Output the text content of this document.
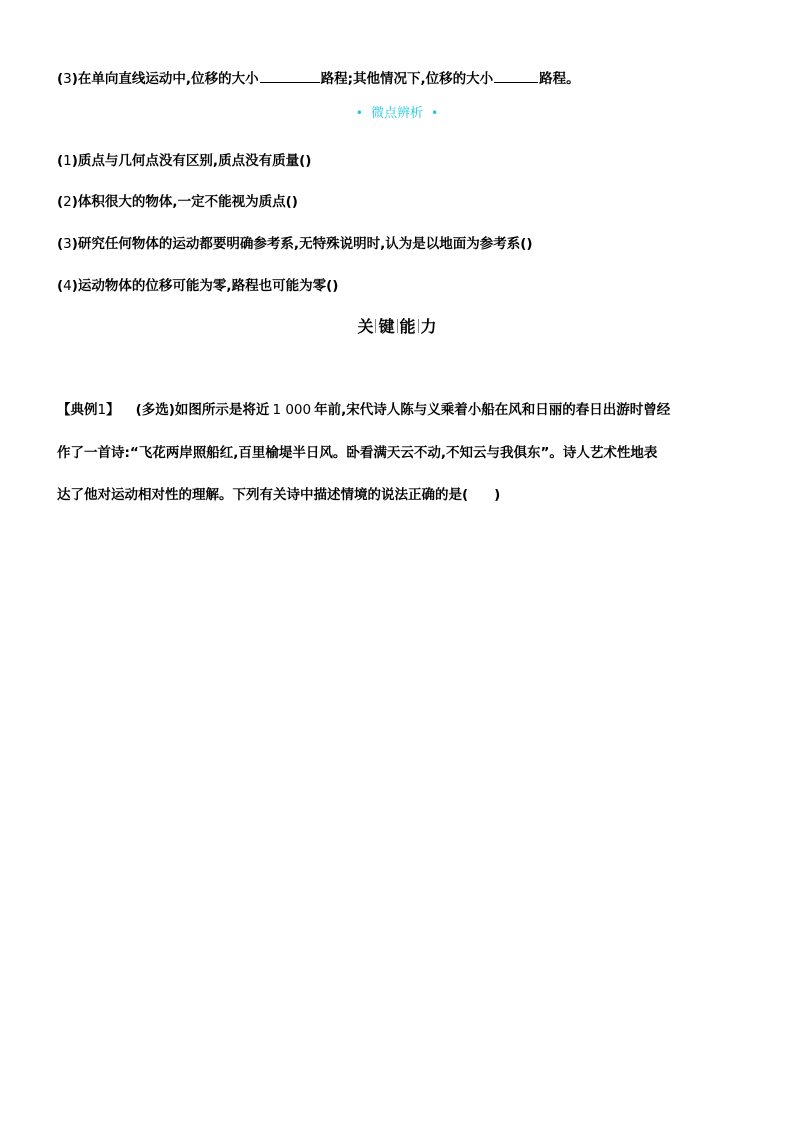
(3)在单向直线运动中,位移的大小	路程;其他情况下,位移的大小	路程。
• 微点辨析 •
(1)质点与几何点没有区别,质点没有质量()
(2)体积很大的物体,一定不能视为质点()
(3)研究任何物体的运动都要明确参考系,无特殊说明时,认为是以地面为参考系()
(4)运动物体的位移可能为零,路程也可能为零()
关 键 能 力
【典例1】 (多选)如图所示是将近 1 000 年前,宋代诗人陈与义乘着小船在风和日丽的春日出游时曾经
作了一首诗:“飞花两岸照船红,百里榆堤半日风。卧看满天云不动,不知云与我俱东”。诗人艺术性地表
达了他对运动相对性的理解。下列有关诗中描述情境的说法正确的是( )
